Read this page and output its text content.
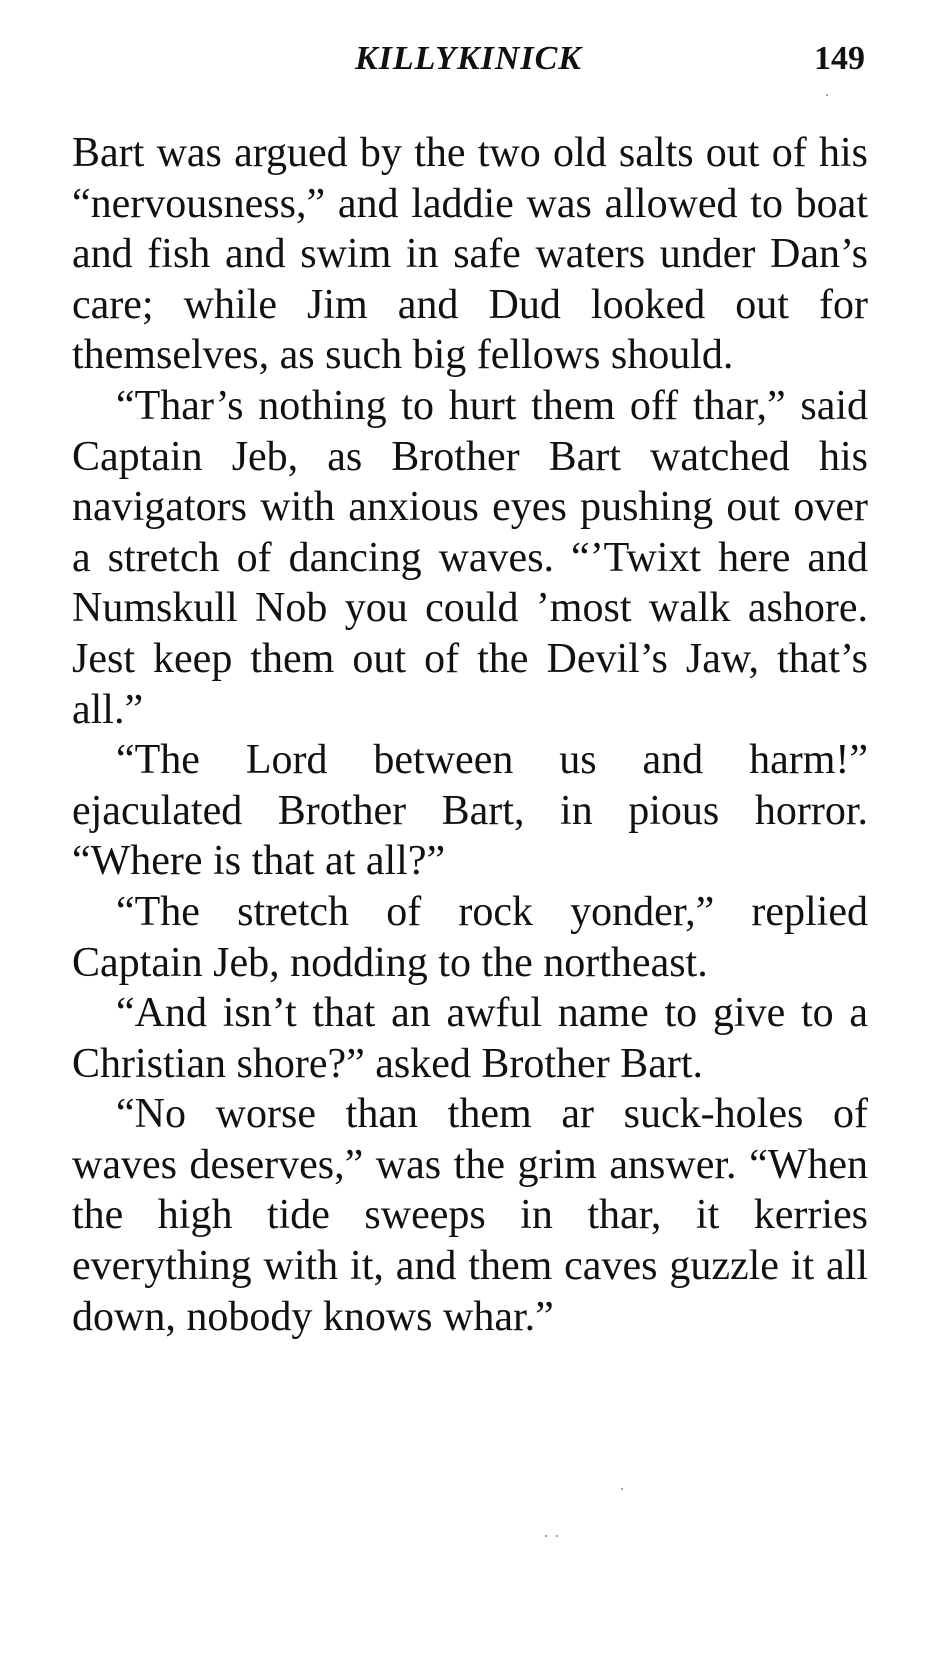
KILLYKINICK	149

Bart was argued by the two old salts out of his “nervousness,” and laddie was allowed to boat and fish and swim in safe waters under Dan’s care; while Jim and Dud looked out for themselves, as such big fellows should.

“Thar’s nothing to hurt them off thar,” said Captain Jeb, as Brother Bart watched his navigators with anxious eyes pushing out over a stretch of dancing waves. “’Twixt here and Numskull Nob you could ’most walk ashore. Jest keep them out of the Devil’s Jaw, that’s all.”

“The Lord between us and harm!” ejaculated Brother Bart, in pious horror. “Where is that at all?”

“The stretch of rock yonder,” replied Captain Jeb, nodding to the northeast.

“And isn’t that an awful name to give to a Christian shore?” asked Brother Bart.

“No worse than them ar suck-holes of waves deserves,” was the grim answer. “When the high tide sweeps in thar, it kerries everything with it, and them caves guzzle it all down, nobody knows whar.”
